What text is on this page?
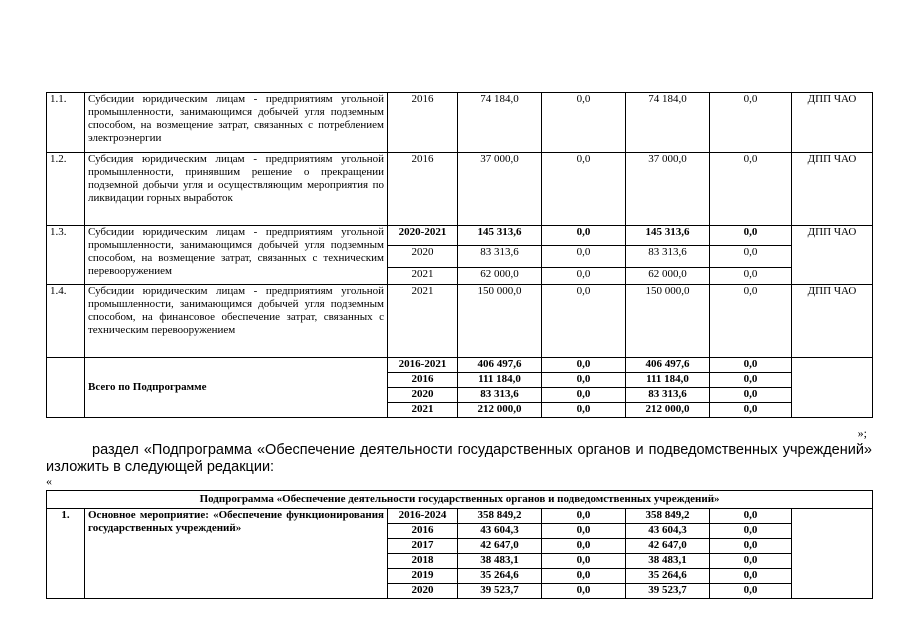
1.1.	Субсидии юридическим лицам - предприятиям угольной промышленности, занимающимся добычей угля подземным способом, на возмещение затрат, связанных с потреблением электроэнергии	2016	74 184,0	0,0	74 184,0	0,0	ДПП ЧАО
1.2.	Субсидия юридическим лицам - предприятиям угольной промышленности, принявшим решение о прекращении подземной добычи угля и осуществляющим мероприятия по ликвидации горных выработок	2016	37 000,0	0,0	37 000,0	0,0	ДПП ЧАО
1.3.	Субсидии юридическим лицам - предприятиям угольной промышленности, занимающимся добычей угля подземным способом, на возмещение затрат, связанных с техническим перевооружением	2020-2021	145 313,6	0,0	145 313,6	0,0	ДПП ЧАО
		2020	83 313,6	0,0	83 313,6	0,0	
		2021	62 000,0	0,0	62 000,0	0,0	
1.4.	Субсидии юридическим лицам - предприятиям угольной промышленности, занимающимся добычей угля подземным способом, на финансовое обеспечение затрат, связанных с техническим перевооружением	2021	150 000,0	0,0	150 000,0	0,0	ДПП ЧАО
	Всего по Подпрограмме	2016-2021	406 497,6	0,0	406 497,6	0,0	
		2016	111 184,0	0,0	111 184,0	0,0	
		2020	83 313,6	0,0	83 313,6	0,0	
		2021	212 000,0	0,0	212 000,0	0,0	
»;

раздел «Подпрограмма «Обеспечение деятельности государственных органов и подведомственных учреждений» изложить в следующей редакции:

«
Подпрограмма «Обеспечение деятельности государственных органов и подведомственных учреждений»							
1.	Основное мероприятие: «Обеспечение функционирования государственных учреждений»	2016-2024	358 849,2	0,0	358 849,2	0,0	
		2016	43 604,3	0,0	43 604,3	0,0	
		2017	42 647,0	0,0	42 647,0	0,0	
		2018	38 483,1	0,0	38 483,1	0,0	
		2019	35 264,6	0,0	35 264,6	0,0	
		2020	39 523,7	0,0	39 523,7	0,0	
